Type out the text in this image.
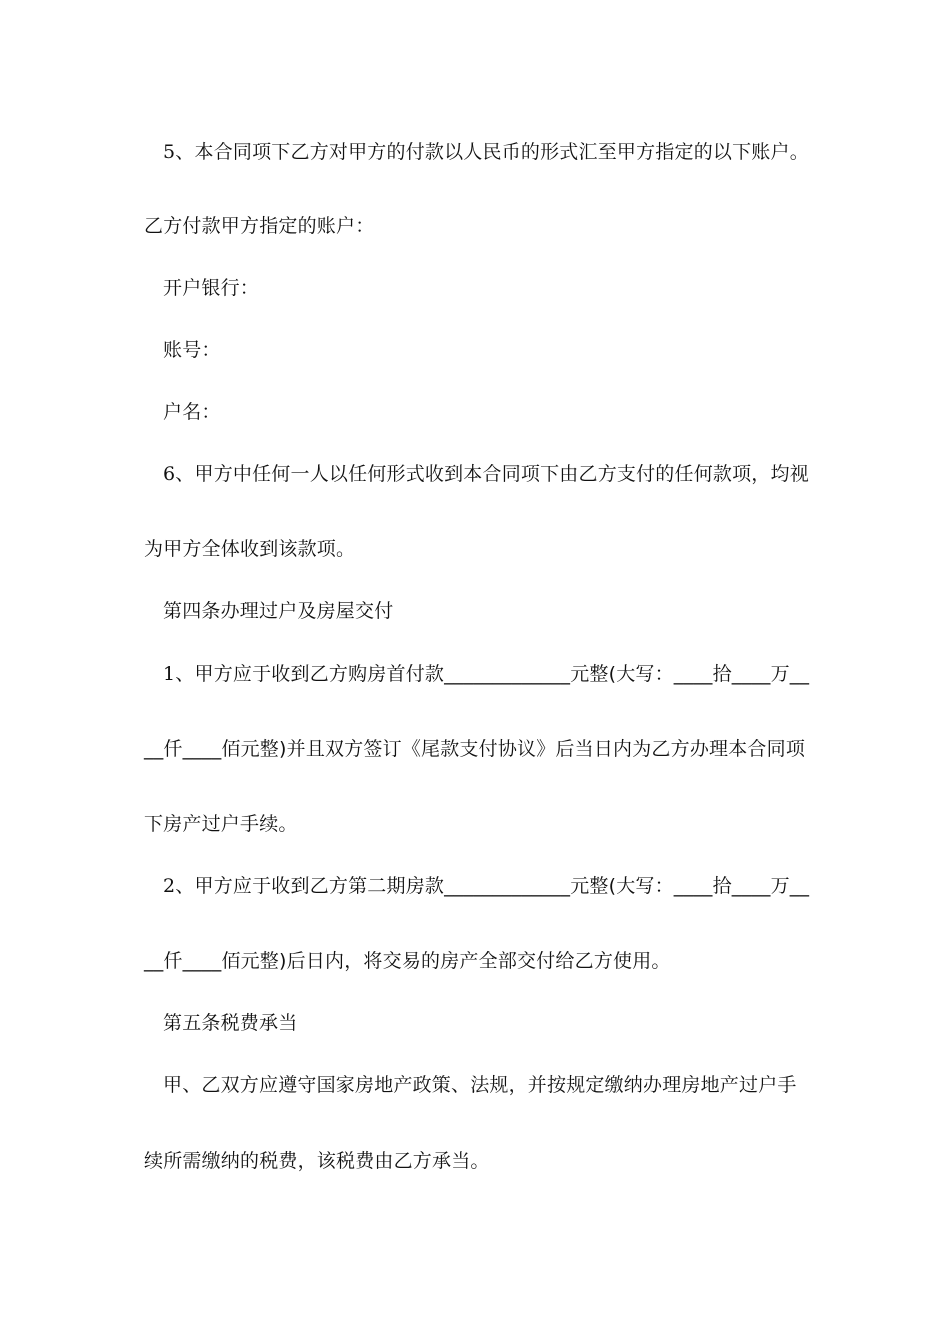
5、本合同项下乙方对甲方的付款以人民币的形式汇至甲方指定的以下账户。
乙方付款甲方指定的账户：
开户银行：
账号：
户名：
6、甲方中任何一人以任何形式收到本合同项下由乙方支付的任何款项，均视
为甲方全体收到该款项。
第四条办理过户及房屋交付
1、甲方应于收到乙方购房首付款_____________元整(大写：____拾____万__
__仟____佰元整)并且双方签订《尾款支付协议》后当日内为乙方办理本合同项
下房产过户手续。
2、甲方应于收到乙方第二期房款_____________元整(大写：____拾____万__
__仟____佰元整)后日内，将交易的房产全部交付给乙方使用。
第五条税费承当
甲、乙双方应遵守国家房地产政策、法规，并按规定缴纳办理房地产过户手
续所需缴纳的税费，该税费由乙方承当。
